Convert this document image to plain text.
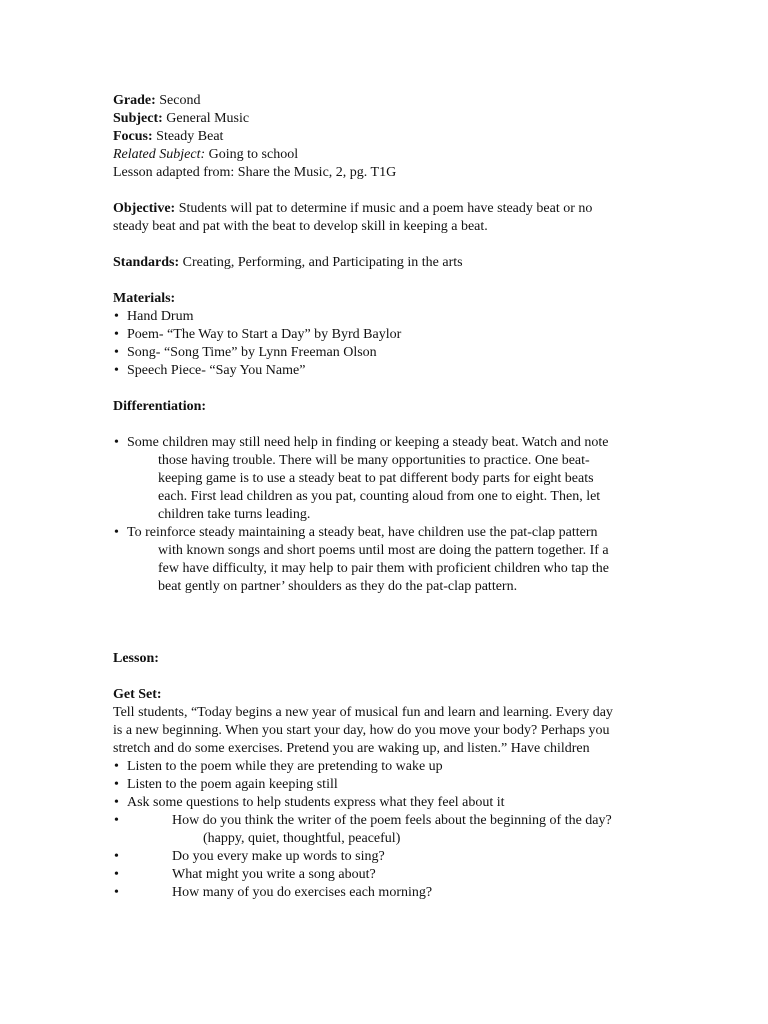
Grade: Second
Subject: General Music
Focus: Steady Beat
Related Subject: Going to school
Lesson adapted from: Share the Music, 2, pg. T1G
Objective: Students will pat to determine if music and a poem have steady beat or no
steady beat and pat with the beat to develop skill in keeping a beat.
Standards: Creating, Performing, and Participating in the arts
Materials:
• Hand Drum
• Poem- “The Way to Start a Day” by Byrd Baylor
• Song- “Song Time” by Lynn Freeman Olson
• Speech Piece- “Say You Name”
Differentiation:
• Some children may still need help in finding or keeping a steady beat. Watch and note
those having trouble. There will be many opportunities to practice. One beat-
keeping game is to use a steady beat to pat different body parts for eight beats
each. First lead children as you pat, counting aloud from one to eight. Then, let
children take turns leading.
• To reinforce steady maintaining a steady beat, have children use the pat-clap pattern
with known songs and short poems until most are doing the pattern together. If a
few have difficulty, it may help to pair them with proficient children who tap the
beat gently on partner’ shoulders as they do the pat-clap pattern.
Lesson:
Get Set:
Tell students, “Today begins a new year of musical fun and learn and learning. Every day
is a new beginning. When you start your day, how do you move your body? Perhaps you
stretch and do some exercises. Pretend you are waking up, and listen.” Have children
• Listen to the poem while they are pretending to wake up
• Listen to the poem again keeping still
• Ask some questions to help students express what they feel about it
•	How do you think the writer of the poem feels about the beginning of the day?
(happy, quiet, thoughtful, peaceful)
•	Do you every make up words to sing?
•	What might you write a song about?
•	How many of you do exercises each morning?
